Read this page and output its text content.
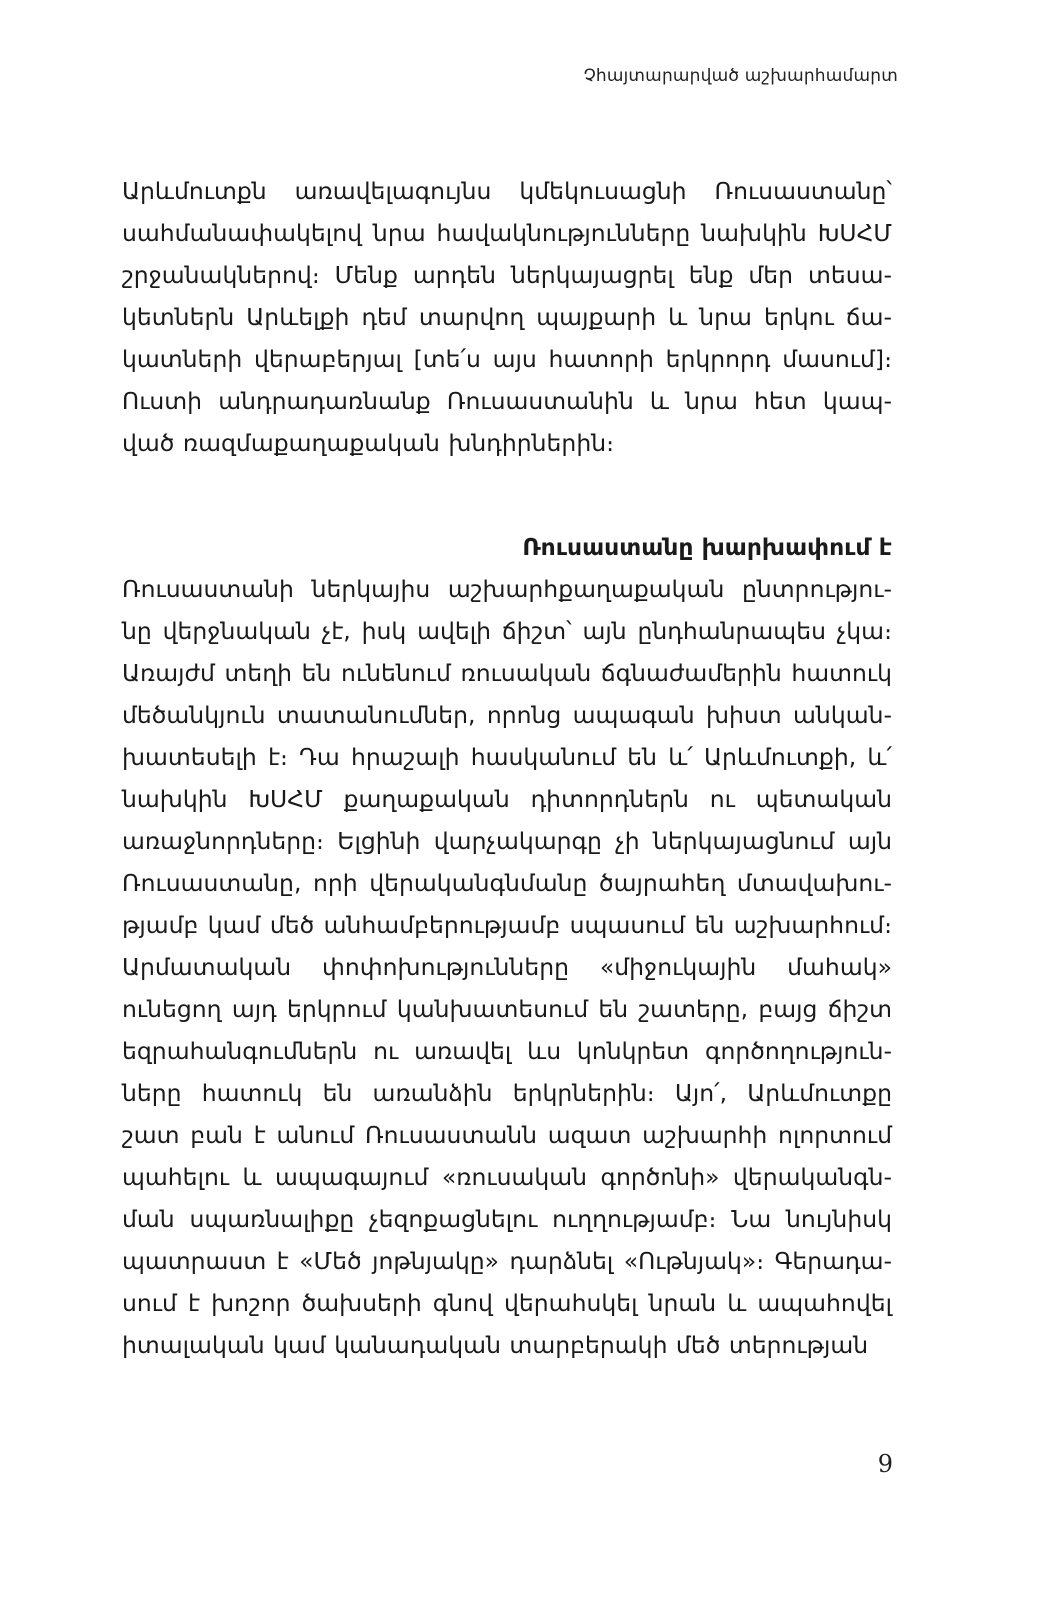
Չհայտարարված աշխարհամարտ
Արևմուտքն առավելագույնս կմեկուսացնի Ռուսաստանը՝
սահմանափակելով նրա հավակնությունները նախկին ԽՍՀՄ
շրջանակներով։ Մենք արդեն ներկայացրել ենք մեր տեսա-
կետներն Արևելքի դեմ տարվող պայքարի և նրա երկու ճա-
կատների վերաբերյալ [տե՛ս այս հատորի երկրորդ մասում]։
Ուստի անդրադառնանք Ռուսաստանին և նրա հետ կապ-
ված ռազմաքաղաքական խնդիրներին։
Ռուսաստանը խարխափում է
Ռուսաստանի ներկայիս աշխարհքաղաքական ընտրությու-
նը վերջնական չէ, իսկ ավելի ճիշտ՝ այն ընդհանրապես չկա։
Առայժմ տեղի են ունենում ռուսական ճգնաժամերին հատուկ
մեծանկյուն տատանումներ, որոնց ապագան խիստ անկան-
խատեսելի է։ Դա հրաշալի հասկանում են և՛ Արևմուտքի, և՛
նախկին ԽՍՀՄ քաղաքական դիտորդներն ու պետական
առաջնորդները։ Ելցինի վարչակարգը չի ներկայացնում այն
Ռուսաստանը, որի վերականգնմանը ծայրահեղ մտավախու-
թյամբ կամ մեծ անհամբերությամբ սպասում են աշխարհում։
Արմատական փոփոխությունները «միջուկային մահակ»
ունեցող այդ երկրում կանխատեսում են շատերը, բայց ճիշտ
եզրահանգումներն ու առավել ևս կոնկրետ գործողություն-
ները հատուկ են առանձին երկրներին։ Այո՛, Արևմուտքը
շատ բան է անում Ռուսաստանն ազատ աշխարհի ոլորտում
պահելու և ապագայում «ռուսական գործոնի» վերականգն-
ման սպառնալիքը չեզոքացնելու ուղղությամբ։ Նա նույնիսկ
պատրաստ է «Մեծ յոթնյակը» դարձնել «Ութնյակ»։ Գերադա-
սում է խոշոր ծախսերի գնով վերահսկել նրան և ապահովել
իտալական կամ կանադական տարբերակի մեծ տերության
9
